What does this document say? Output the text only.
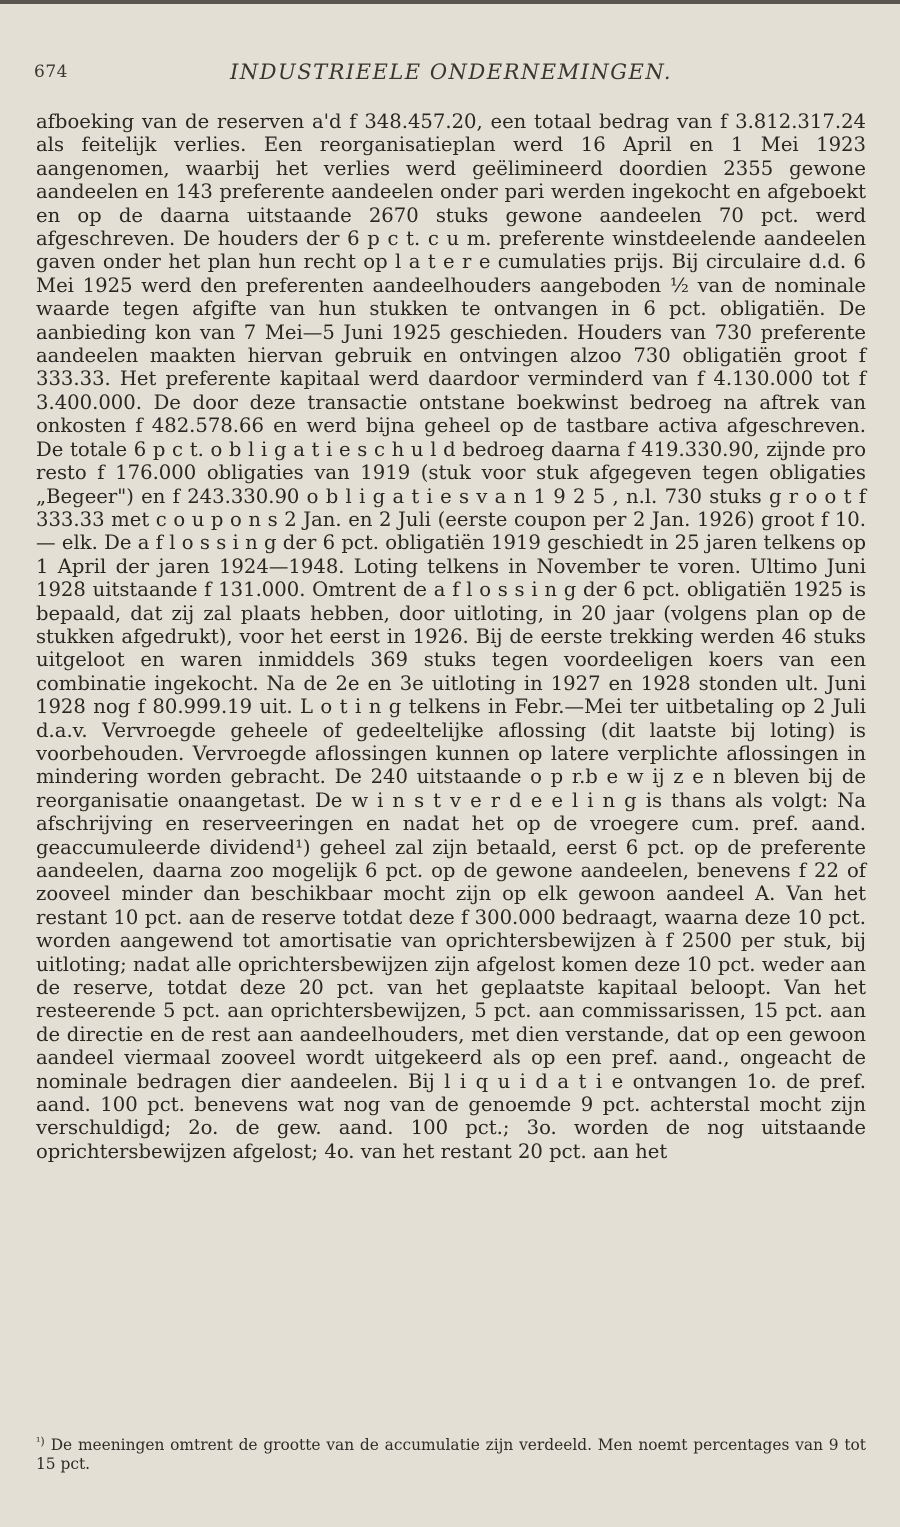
674	INDUSTRIEELE ONDERNEMINGEN.

afboeking van de reserven a'd f 348.457.20, een totaal bedrag van f 3.812.317.24 als feitelijk verlies. Een reorganisatieplan werd 16 April en 1 Mei 1923 aangenomen, waarbij het verlies werd geëlimineerd doordien 2355 gewone aandeelen en 143 preferente aandeelen onder pari werden ingekocht en afgeboekt en op de daarna uitstaande 2670 stuks gewone aandeelen 70 pct. werd afgeschreven. De houders der 6 p c t. c u m. preferente winstdeelende aandeelen gaven onder het plan hun recht op l a t e r e cumulaties prijs. Bij circulaire d.d. 6 Mei 1925 werd den preferenten aandeelhouders aangeboden ½ van de nominale waarde tegen afgifte van hun stukken te ontvangen in 6 pct. obligatiën. De aanbieding kon van 7 Mei—5 Juni 1925 geschieden. Houders van 730 preferente aandeelen maakten hiervan gebruik en ontvingen alzoo 730 obligatiën groot f 333.33. Het preferente kapitaal werd daardoor verminderd van f 4.130.000 tot f 3.400.000. De door deze transactie ontstane boekwinst bedroeg na aftrek van onkosten f 482.578.66 en werd bijna geheel op de tastbare activa afgeschreven. De totale 6 p c t. o b l i g a t i e s c h u l d bedroeg daarna f 419.330.90, zijnde pro resto f 176.000 obligaties van 1919 (stuk voor stuk afgegeven tegen obligaties „Begeer") en f 243.330.90 o b l i g a t i e s v a n 1 9 2 5 , n.l. 730 stuks g r o o t f 333.33 met c o u p o n s 2 Jan. en 2 Juli (eerste coupon per 2 Jan. 1926) groot f 10.— elk. De a f l o s s i n g der 6 pct. obligatiën 1919 geschiedt in 25 jaren telkens op 1 April der jaren 1924—1948. Loting telkens in November te voren. Ultimo Juni 1928 uitstaande f 131.000. Omtrent de a f l o s s i n g der 6 pct. obligatiën 1925 is bepaald, dat zij zal plaats hebben, door uitloting, in 20 jaar (volgens plan op de stukken afgedrukt), voor het eerst in 1926. Bij de eerste trekking werden 46 stuks uitgeloot en waren inmiddels 369 stuks tegen voordeeligen koers van een combinatie ingekocht. Na de 2e en 3e uitloting in 1927 en 1928 stonden ult. Juni 1928 nog f 80.999.19 uit. L o t i n g telkens in Febr.—Mei ter uitbetaling op 2 Juli d.a.v. Vervroegde geheele of gedeeltelijke aflossing (dit laatste bij loting) is voorbehouden. Vervroegde aflossingen kunnen op latere verplichte aflossingen in mindering worden gebracht. De 240 uitstaande o p r.b e w ij z e n bleven bij de reorganisatie onaangetast. De w i n s t v e r d e e l i n g is thans als volgt: Na afschrijving en reserveeringen en nadat het op de vroegere cum. pref. aand. geaccumuleerde dividend¹) geheel zal zijn betaald, eerst 6 pct. op de preferente aandeelen, daarna zoo mogelijk 6 pct. op de gewone aandeelen, benevens f 22 of zooveel minder dan beschikbaar mocht zijn op elk gewoon aandeel A. Van het restant 10 pct. aan de reserve totdat deze f 300.000 bedraagt, waarna deze 10 pct. worden aangewend tot amortisatie van oprichtersbewijzen à f 2500 per stuk, bij uitloting; nadat alle oprichtersbewijzen zijn afgelost komen deze 10 pct. weder aan de reserve, totdat deze 20 pct. van het geplaatste kapitaal beloopt. Van het resteerende 5 pct. aan oprichtersbewijzen, 5 pct. aan commissarissen, 15 pct. aan de directie en de rest aan aandeelhouders, met dien verstande, dat op een gewoon aandeel viermaal zooveel wordt uitgekeerd als op een pref. aand., ongeacht de nominale bedragen dier aandeelen. Bij l i q u i d a t i e ontvangen 1o. de pref. aand. 100 pct. benevens wat nog van de genoemde 9 pct. achterstal mocht zijn verschuldigd; 2o. de gew. aand. 100 pct.; 3o. worden de nog uitstaande oprichtersbewijzen afgelost; 4o. van het restant 20 pct. aan het

$^{^1)}$ De meeningen omtrent de grootte van de accumulatie zijn verdeeld. Men noemt percentages van 9 tot 15 pct.
